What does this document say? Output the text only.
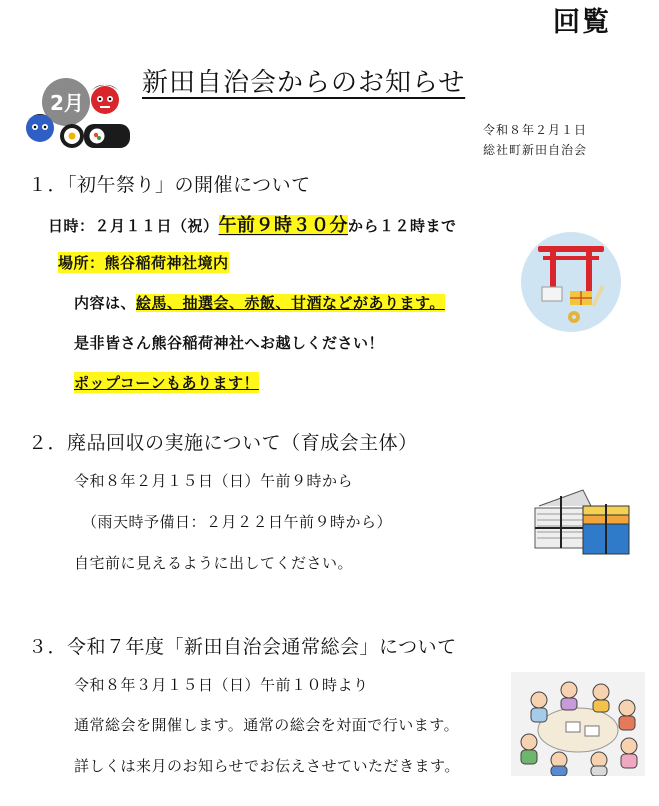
回覧
新田自治会からのお知らせ
令和８年２月１日
総社町新田自治会
2月
１．「初午祭り」の開催について
日時：２月１１日（祝）午前９時３０分から１２時まで
場所：熊谷稲荷神社境内
内容は、絵馬、抽選会、赤飯、甘酒などがあります。
是非皆さん熊谷稲荷神社へお越しください！
ポップコーンもあります！
２．廃品回収の実施について（育成会主体）
令和８年２月１５日（日）午前９時から
（雨天時予備日：２月２２日午前９時から）
自宅前に見えるように出してください。
３．令和７年度「新田自治会通常総会」について
令和８年３月１５日（日）午前１０時より
通常総会を開催します。通常の総会を対面で行います。
詳しくは来月のお知らせでお伝えさせていただきます。
